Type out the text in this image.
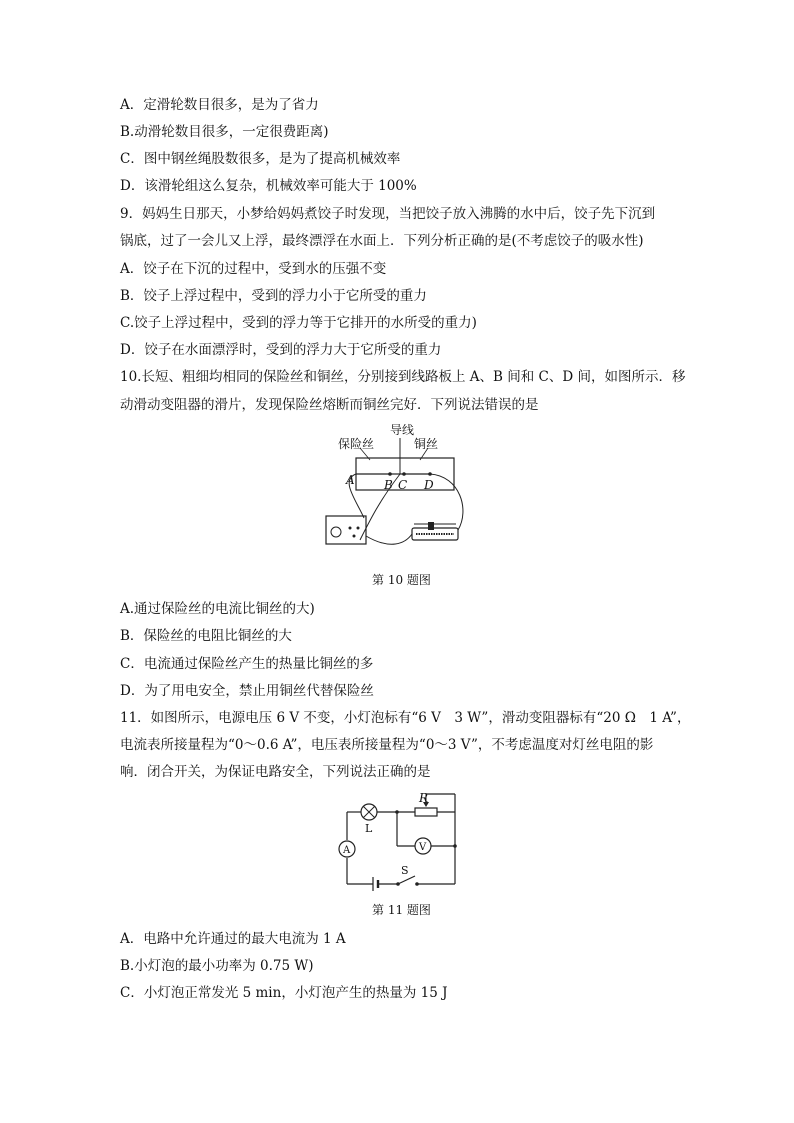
A．定滑轮数目很多，是为了省力
B.动滑轮数目很多，一定很费距离)
C．图中钢丝绳股数很多，是为了提高机械效率
D．该滑轮组这么复杂，机械效率可能大于 100%
9．妈妈生日那天，小梦给妈妈煮饺子时发现，当把饺子放入沸腾的水中后，饺子先下沉到
锅底，过了一会儿又上浮，最终漂浮在水面上．下列分析正确的是(不考虑饺子的吸水性)
A．饺子在下沉的过程中，受到水的压强不变
B．饺子上浮过程中，受到的浮力小于它所受的重力
C.饺子上浮过程中，受到的浮力等于它排开的水所受的重力)
D．饺子在水面漂浮时，受到的浮力大于它所受的重力
10.长短、粗细均相同的保险丝和铜丝，分别接到线路板上 A、B 间和 C、D 间，如图所示．移
动滑动变阻器的滑片，发现保险丝熔断而铜丝完好．下列说法错误的是
导线
保险丝	铜丝
A B C D
第 10 题图
A.通过保险丝的电流比铜丝的大)
B．保险丝的电阻比铜丝的大
C．电流通过保险丝产生的热量比铜丝的多
D．为了用电安全，禁止用铜丝代替保险丝
11．如图所示，电源电压 6 V 不变，小灯泡标有“6 V　3 W”，滑动变阻器标有“20 Ω　1 A”，
电流表所接量程为“0～0.6 A”，电压表所接量程为“0～3 V”，不考虑温度对灯丝电阻的影
响．闭合开关，为保证电路安全，下列说法正确的是
R
L
A	V
S
第 11 题图
A．电路中允许通过的最大电流为 1 A
B.小灯泡的最小功率为 0.75 W)
C．小灯泡正常发光 5 min，小灯泡产生的热量为 15 J
